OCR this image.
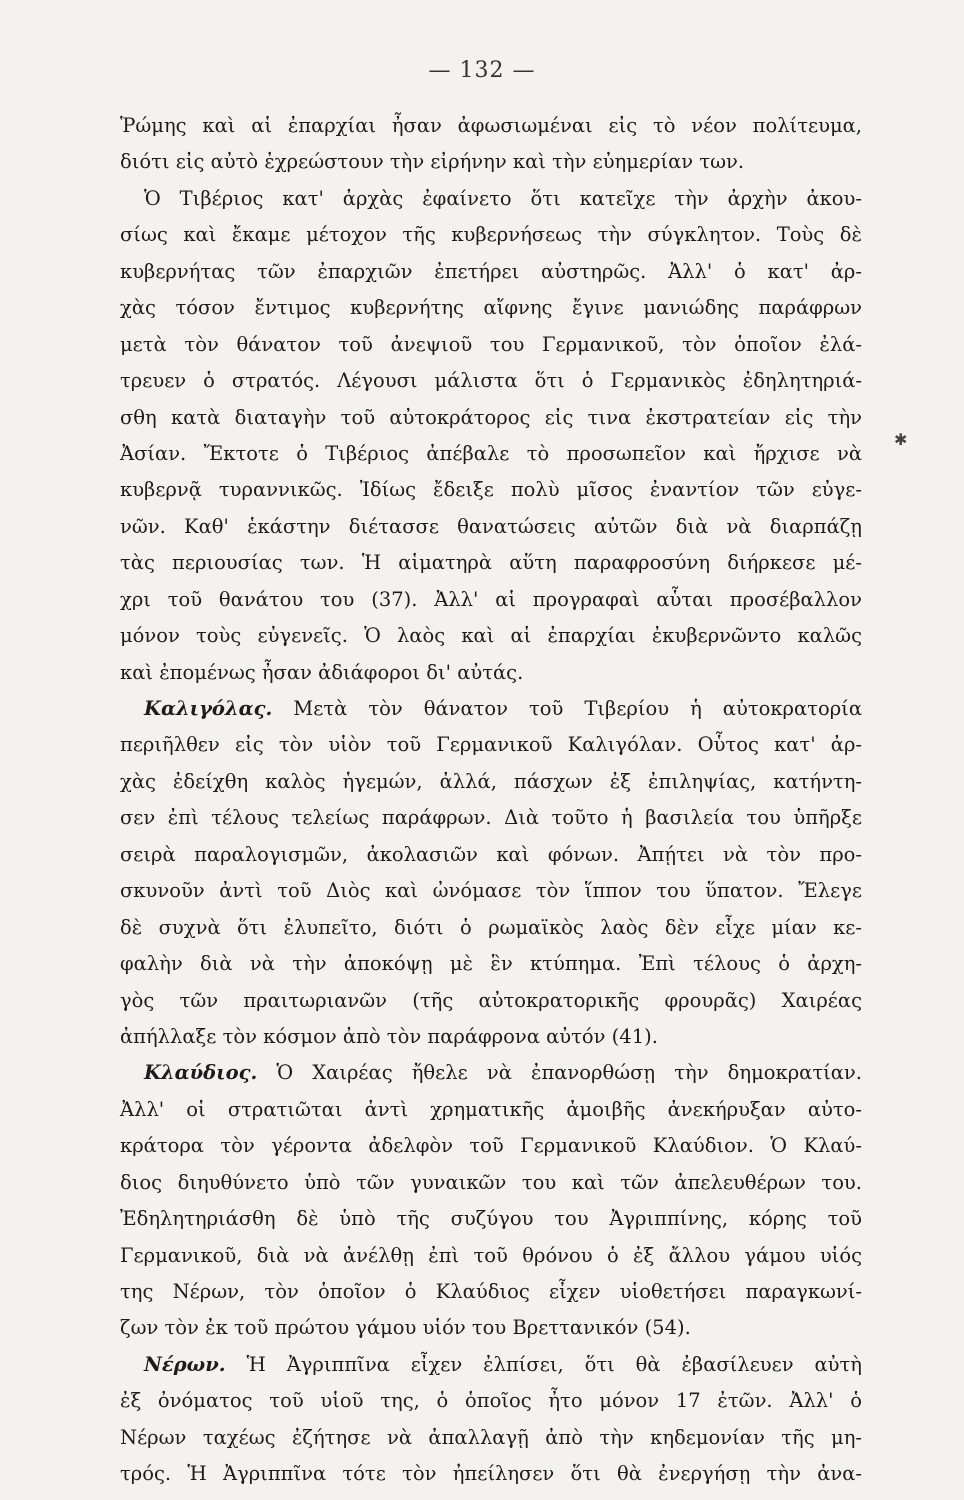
— 132 —
✱
Ῥώμης καὶ αἱ ἐπαρχίαι ἦσαν ἀφωσιωμέναι εἰς τὸ νέον πολίτευμα,
διότι εἰς αὐτὸ ἐχρεώστουν τὴν εἰρήνην καὶ τὴν εὐημερίαν των.
Ὁ Τιβέριος κατ' ἀρχὰς ἐφαίνετο ὅτι κατεῖχε τὴν ἀρχὴν ἀκου-
σίως καὶ ἔκαμε μέτοχον τῆς κυβερνήσεως τὴν σύγκλητον. Τοὺς δὲ
κυβερνήτας τῶν ἐπαρχιῶν ἐπετήρει αὐστηρῶς. Ἀλλ' ὁ κατ' ἀρ-
χὰς τόσον ἔντιμος κυβερνήτης αἴφνης ἔγινε μανιώδης παράφρων
μετὰ τὸν θάνατον τοῦ ἀνεψιοῦ του Γερμανικοῦ, τὸν ὁποῖον ἐλά-
τρευεν ὁ στρατός. Λέγουσι μάλιστα ὅτι ὁ Γερμανικὸς ἐδηλητηριά-
σθη κατὰ διαταγὴν τοῦ αὐτοκράτορος εἰς τινα ἐκστρατείαν εἰς τὴν
Ἀσίαν. Ἔκτοτε ὁ Τιβέριος ἀπέβαλε τὸ προσωπεῖον καὶ ἤρχισε νὰ
κυβερνᾷ τυραννικῶς. Ἰδίως ἔδειξε πολὺ μῖσος ἐναντίον τῶν εὐγε-
νῶν. Καθ' ἑκάστην διέτασσε θανατώσεις αὐτῶν διὰ νὰ διαρπάζῃ
τὰς περιουσίας των. Ἡ αἱματηρὰ αὕτη παραφροσύνη διήρκεσε μέ-
χρι τοῦ θανάτου του (37). Ἀλλ' αἱ προγραφαὶ αὗται προσέβαλλον
μόνον τοὺς εὐγενεῖς. Ὁ λαὸς καὶ αἱ ἐπαρχίαι ἐκυβερνῶντο καλῶς
καὶ ἐπομένως ἦσαν ἀδιάφοροι δι' αὐτάς.
Καλιγόλας. Μετὰ τὸν θάνατον τοῦ Τιβερίου ἡ αὐτοκρατορία
περιῆλθεν εἰς τὸν υἱὸν τοῦ Γερμανικοῦ Καλιγόλαν. Οὗτος κατ' ἀρ-
χὰς ἐδείχθη καλὸς ἡγεμών, ἀλλά, πάσχων ἐξ ἐπιληψίας, κατήντη-
σεν ἐπὶ τέλους τελείως παράφρων. Διὰ τοῦτο ἡ βασιλεία του ὑπῆρξε
σειρὰ παραλογισμῶν, ἀκολασιῶν καὶ φόνων. Ἀπῄτει νὰ τὸν προ-
σκυνοῦν ἀντὶ τοῦ Διὸς καὶ ὠνόμασε τὸν ἵππον του ὕπατον. Ἔλεγε
δὲ συχνὰ ὅτι ἐλυπεῖτο, διότι ὁ ρωμαϊκὸς λαὸς δὲν εἶχε μίαν κε-
φαλὴν διὰ νὰ τὴν ἀποκόψῃ μὲ ἓν κτύπημα. Ἐπὶ τέλους ὁ ἀρχη-
γὸς τῶν πραιτωριανῶν (τῆς αὐτοκρατορικῆς φρουρᾶς) Χαιρέας
ἀπήλλαξε τὸν κόσμον ἀπὸ τὸν παράφρονα αὐτόν (41).
Κλαύδιος. Ὁ Χαιρέας ἤθελε νὰ ἐπανορθώσῃ τὴν δημοκρατίαν.
Ἀλλ' οἱ στρατιῶται ἀντὶ χρηματικῆς ἀμοιβῆς ἀνεκήρυξαν αὐτο-
κράτορα τὸν γέροντα ἀδελφὸν τοῦ Γερμανικοῦ Κλαύδιον. Ὁ Κλαύ-
διος διηυθύνετο ὑπὸ τῶν γυναικῶν του καὶ τῶν ἀπελευθέρων του.
Ἐδηλητηριάσθη δὲ ὑπὸ τῆς συζύγου του Ἀγριππίνης, κόρης τοῦ
Γερμανικοῦ, διὰ νὰ ἀνέλθῃ ἐπὶ τοῦ θρόνου ὁ ἐξ ἄλλου γάμου υἱός
της Νέρων, τὸν ὁποῖον ὁ Κλαύδιος εἶχεν υἱοθετήσει παραγκωνί-
ζων τὸν ἐκ τοῦ πρώτου γάμου υἱόν του Βρεττανικόν (54).
Νέρων. Ἡ Ἀγριππῖνα εἶχεν ἐλπίσει, ὅτι θὰ ἐβασίλευεν αὐτὴ
ἐξ ὀνόματος τοῦ υἱοῦ της, ὁ ὁποῖος ἦτο μόνον 17 ἐτῶν. Ἀλλ' ὁ
Νέρων ταχέως ἐζήτησε νὰ ἀπαλλαγῇ ἀπὸ τὴν κηδεμονίαν τῆς μη-
τρός. Ἡ Ἀγριππῖνα τότε τὸν ἠπείλησεν ὅτι θὰ ἐνεργήσῃ τὴν ἀνα-
